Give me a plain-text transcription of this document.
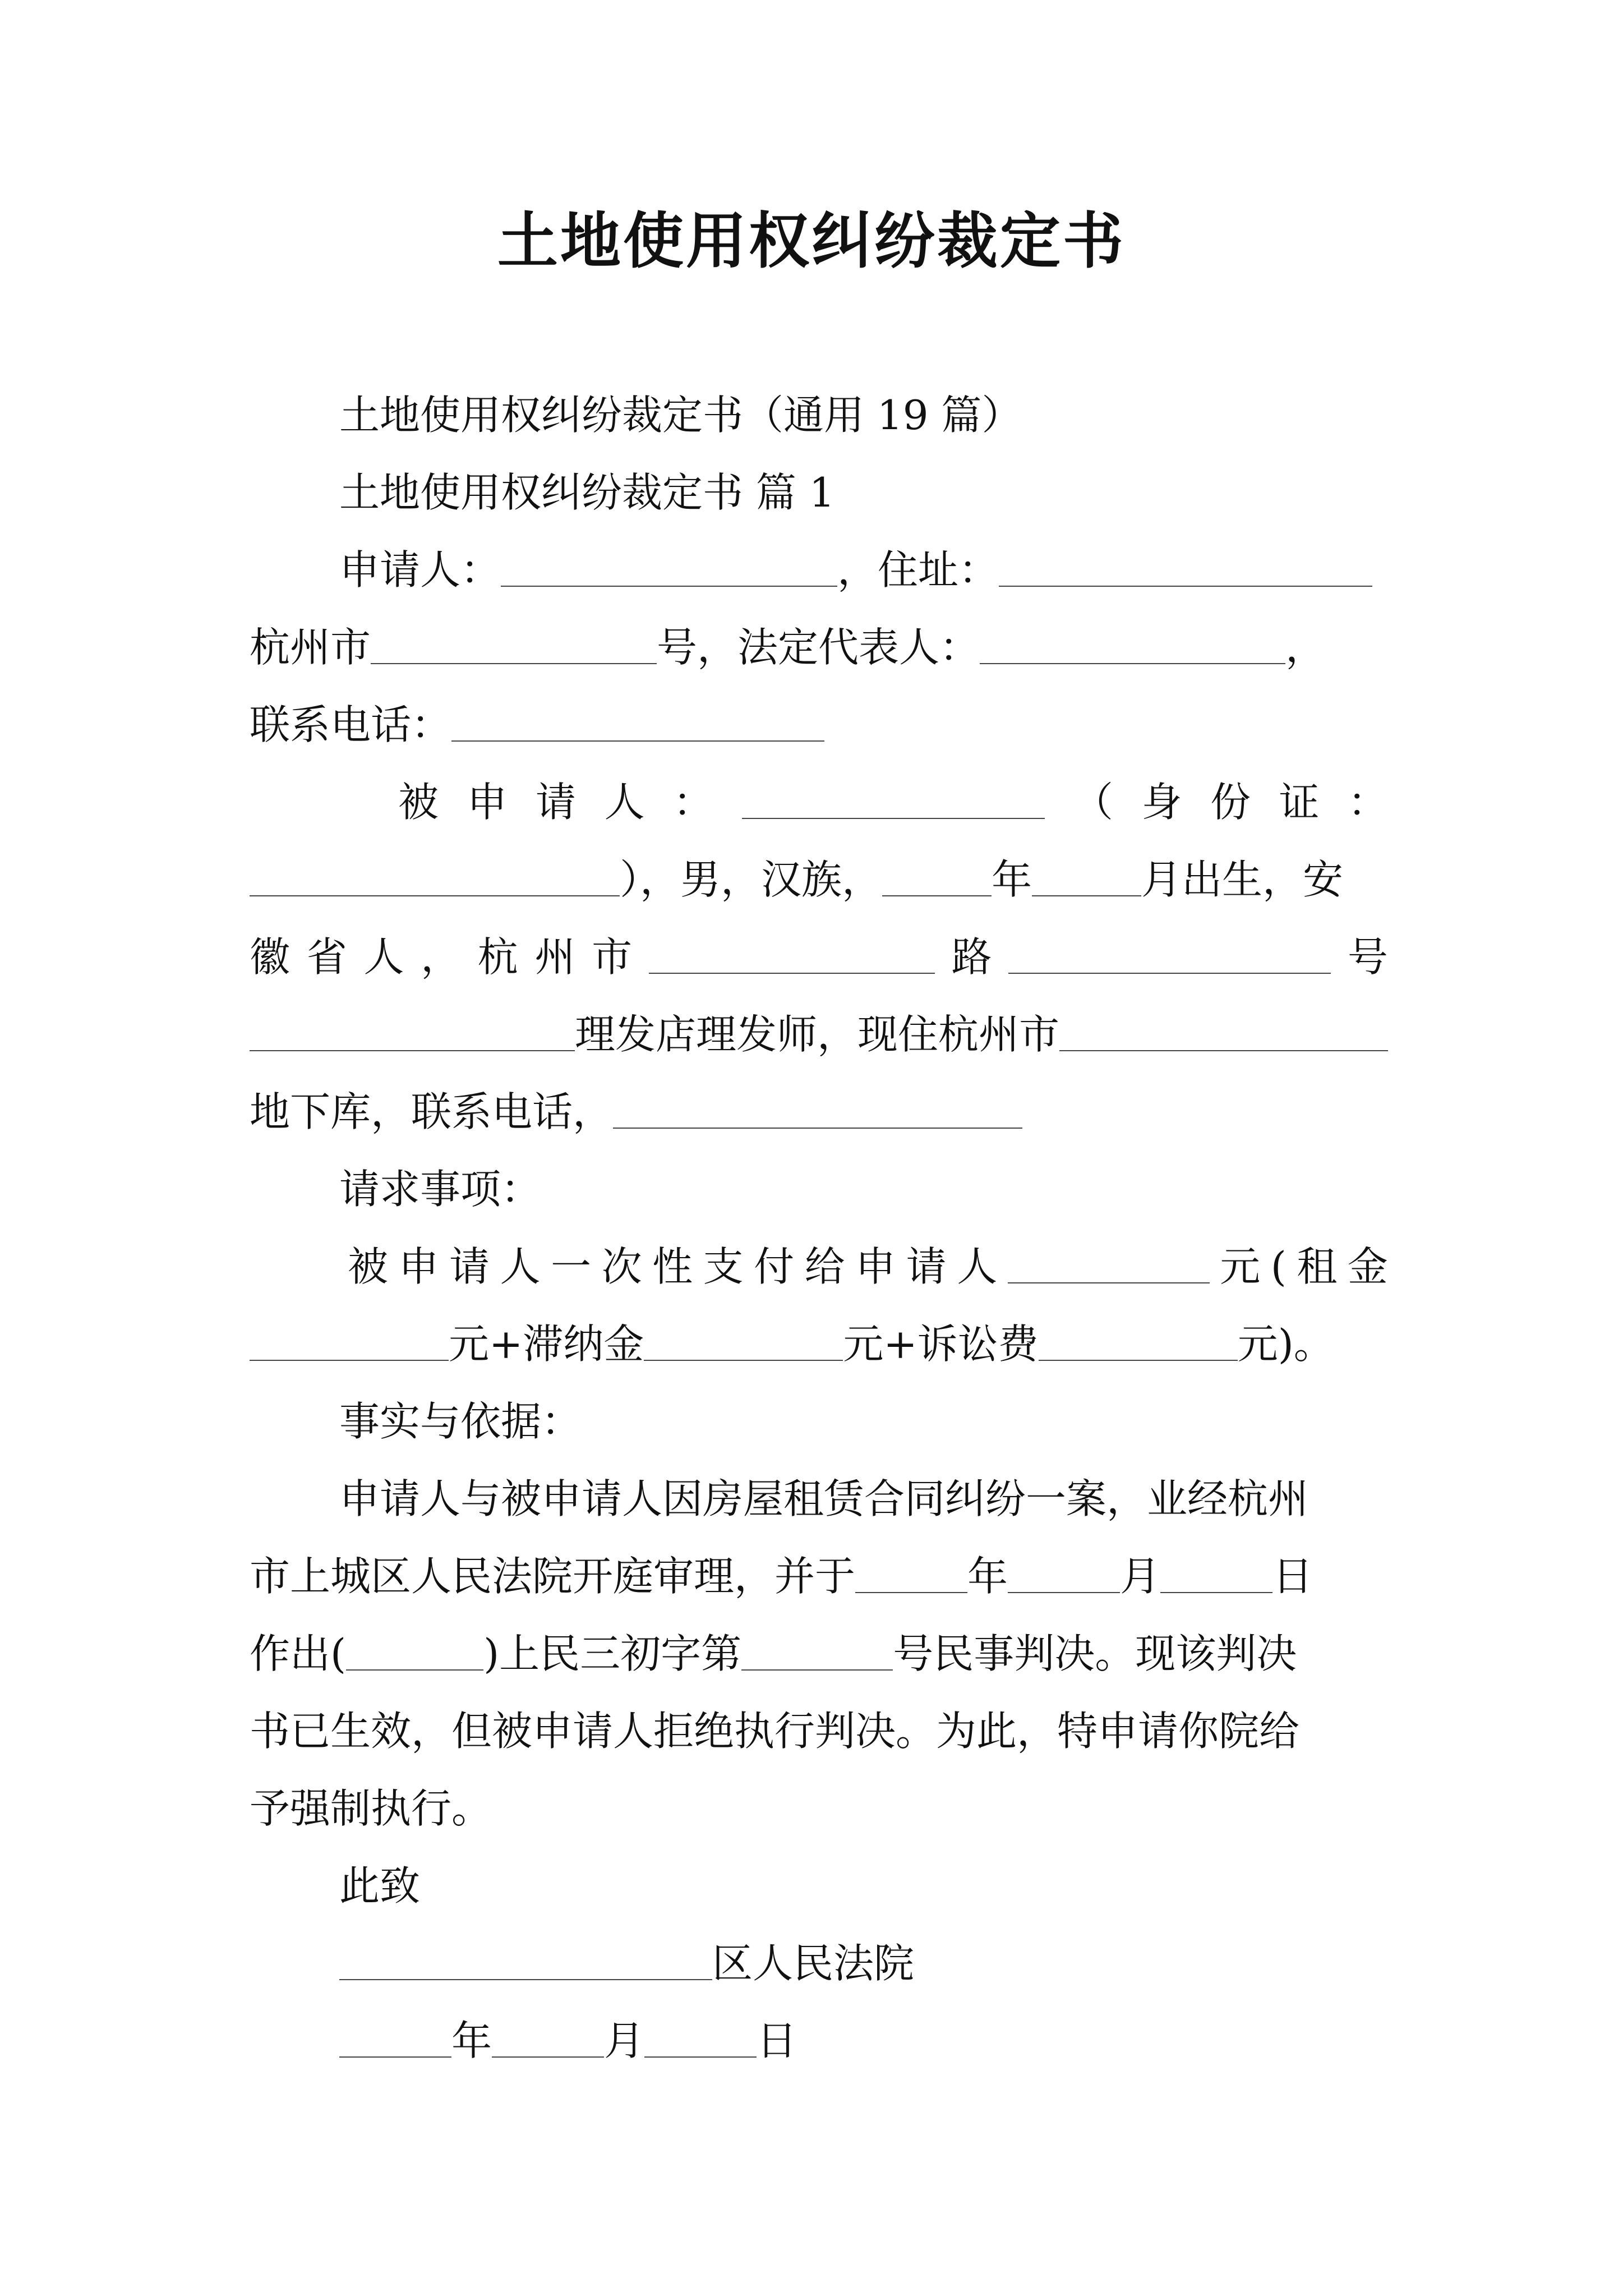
土地使用权纠纷裁定书
土地使用权纠纷裁定书（通用 19 篇）
土地使用权纠纷裁定书 篇 1
申请人：	，住址：
杭州市	号，法定代表人：	，
联系电话：
被 申 请 人 ：	（ 身 份 证 ：
），男，汉族，	年	月出生，安
徽 省 人 ， 杭 州 市	路	号
理发店理发师，现住杭州市
地下库，联系电话，
请求事项：
被 申 请 人 一 次 性 支 付 给 申 请 人	元 ( 租 金
元+滞纳金	元+诉讼费	元)。
事实与依据：
申请人与被申请人因房屋租赁合同纠纷一案，业经杭州
市上城区人民法院开庭审理，并于	年	月	日
作出(	)上民三初字第	号民事判决。现该判决
书已生效，但被申请人拒绝执行判决。为此，特申请你院给
予强制执行。
此致
区人民法院
年	月	日
